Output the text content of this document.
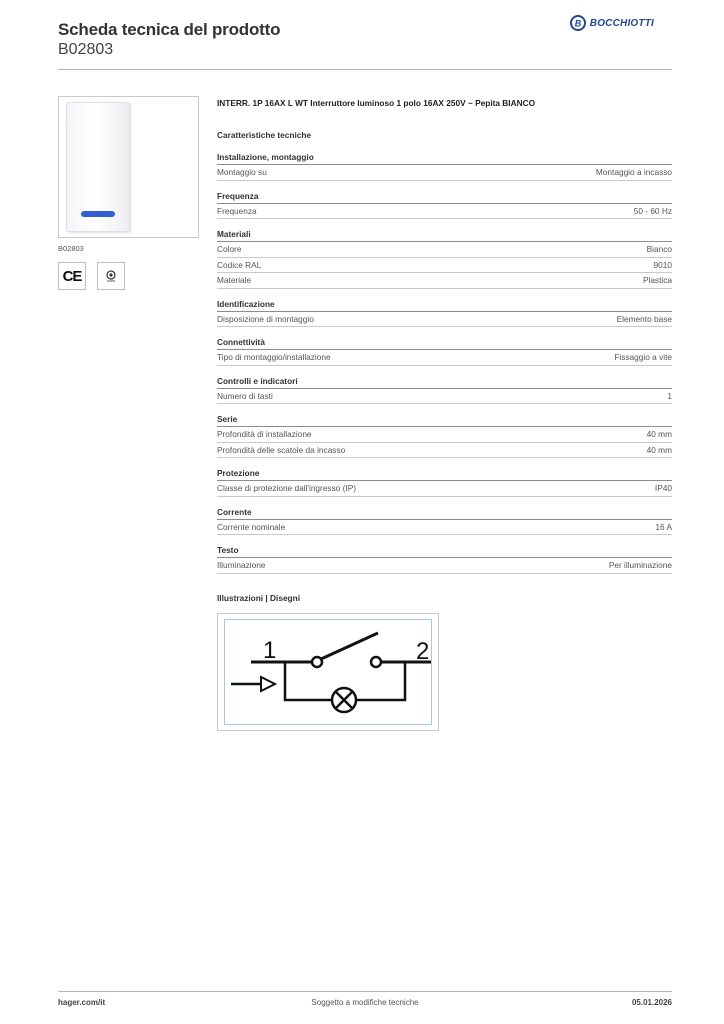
Scheda tecnica del prodotto
B02803
B BOCCHIOTTI
B02803
CE
INTERR. 1P 16AX L WT Interruttore luminoso 1 polo 16AX 250V ~ Pepita BIANCO
Caratteristiche tecniche
Installazione, montaggio
Montaggio su	Montaggio a incasso
Frequenza
Frequenza	50 - 60 Hz
Materiali
Colore	Bianco
Codice RAL	9010
Materiale	Plastica
Identificazione
Disposizione di montaggio	Elemento base
Connettività
Tipo di montaggio/installazione	Fissaggio a vite
Controlli e indicatori
Numero di tasti	1
Serie
Profondità di installazione	40 mm
Profondità delle scatole da incasso	40 mm
Protezione
Classe di protezione dall'ingresso (IP)	IP40
Corrente
Corrente nominale	16 A
Testo
Illuminazione	Per illuminazione
Illustrazioni | Disegni
1	2
hager.com/it	Soggetto a modifiche tecniche	05.01.2026
